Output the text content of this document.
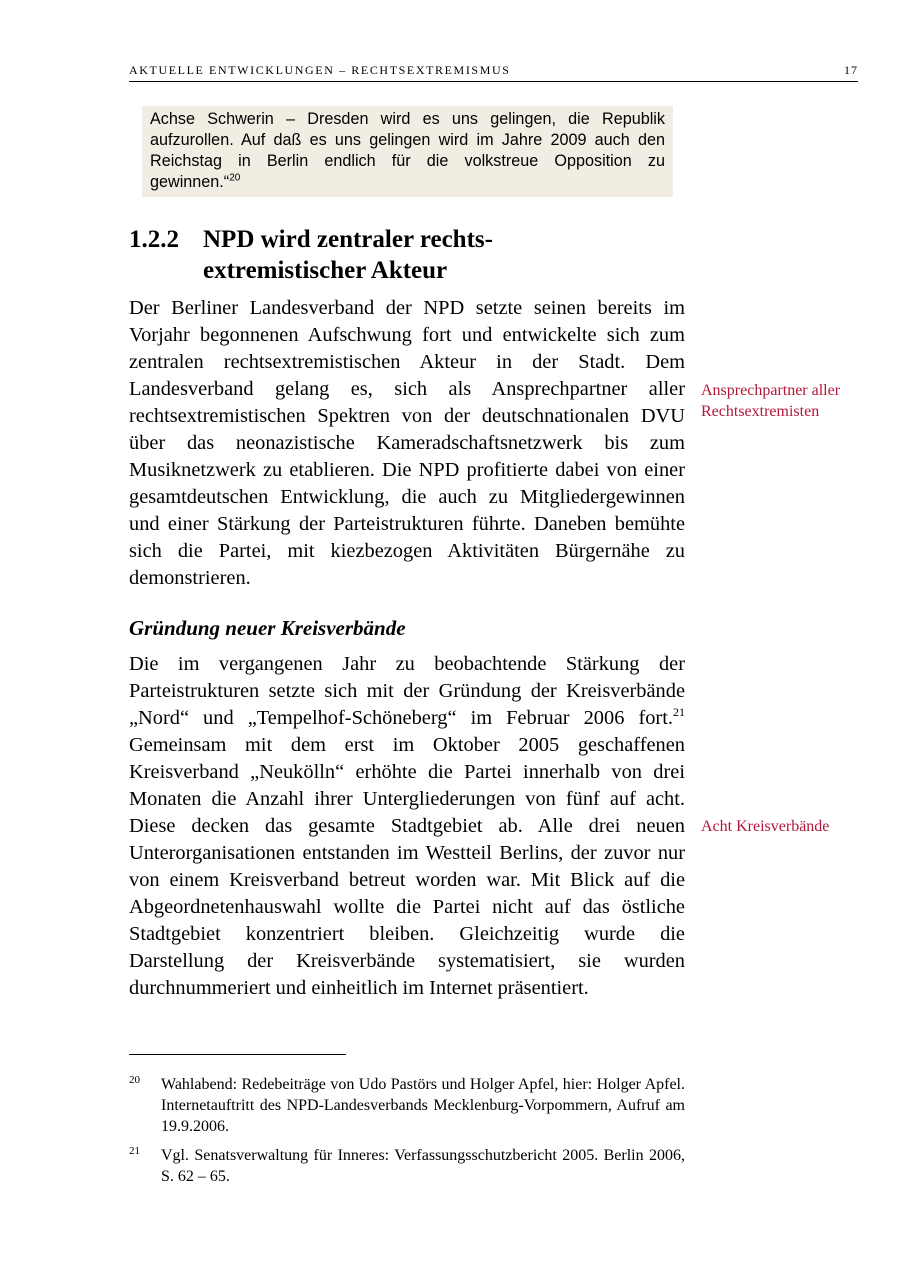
AKTUELLE ENTWICKLUNGEN – RECHTSEXTREMISMUS	17
Achse Schwerin – Dresden wird es uns gelingen, die Republik aufzurollen. Auf daß es uns gelingen wird im Jahre 2009 auch den Reichstag in Berlin endlich für die volkstreue Opposition zu gewinnen.“$^{20}$
1.2.2 NPD wird zentraler rechts-
extremistischer Akteur

Der Berliner Landesverband der NPD setzte seinen bereits im Vorjahr begonnenen Aufschwung fort und entwickelte sich zum zentralen rechtsextremistischen Akteur in der Stadt. Dem Landesverband gelang es, sich als Ansprechpartner aller rechtsextremistischen Spektren von der deutschnationalen DVU über das neonazistische Kameradschaftsnetzwerk bis zum Musiknetzwerk zu etablieren. Die NPD profitierte dabei von einer gesamtdeutschen Entwicklung, die auch zu Mitgliedergewinnen und einer Stärkung der Parteistrukturen führte. Daneben bemühte sich die Partei, mit kiezbezogen Aktivitäten Bürgernähe zu demonstrieren.

Ansprechpartner aller Rechtsextremisten
Gründung neuer Kreisverbände

Die im vergangenen Jahr zu beobachtende Stärkung der Parteistrukturen setzte sich mit der Gründung der Kreisverbände „Nord“ und „Tempelhof-Schöneberg“ im Februar 2006 fort.$^{21}$ Gemeinsam mit dem erst im Oktober 2005 geschaffenen Kreisverband „Neukölln“ erhöhte die Partei innerhalb von drei Monaten die Anzahl ihrer Untergliederungen von fünf auf acht. Diese decken das gesamte Stadtgebiet ab. Alle drei neuen Unterorganisationen entstanden im Westteil Berlins, der zuvor nur von einem Kreisverband betreut worden war. Mit Blick auf die Abgeordnetenhauswahl wollte die Partei nicht auf das östliche Stadtgebiet konzentriert bleiben. Gleichzeitig wurde die Darstellung der Kreisverbände systematisiert, sie wurden durchnummeriert und einheitlich im Internet präsentiert.

Acht Kreisverbände
20 Wahlabend: Redebeiträge von Udo Pastörs und Holger Apfel, hier: Holger Apfel. Internetauftritt des NPD-Landesverbands Mecklenburg-Vorpommern, Aufruf am 19.9.2006.
21 Vgl. Senatsverwaltung für Inneres: Verfassungsschutzbericht 2005. Berlin 2006, S. 62 – 65.
